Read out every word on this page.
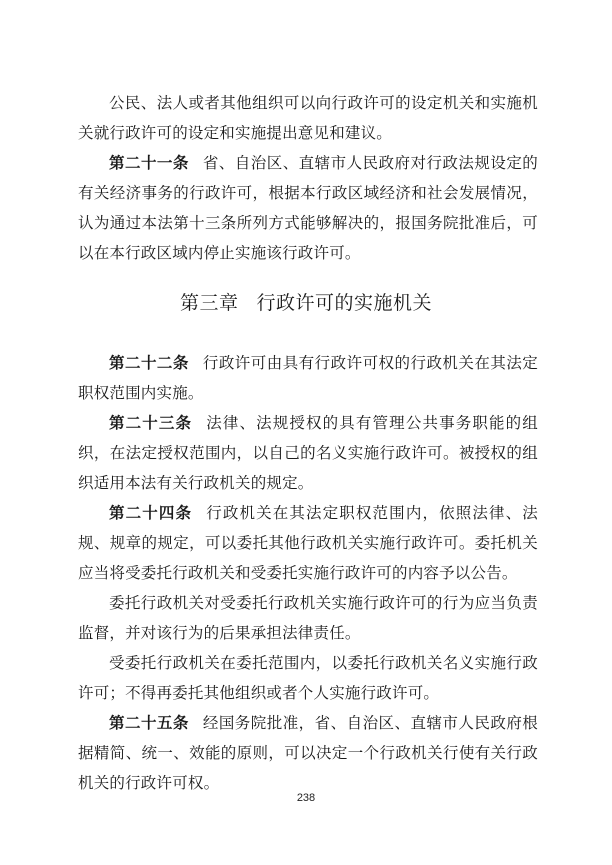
公民、法人或者其他组织可以向行政许可的设定机关和实施机关就行政许可的设定和实施提出意见和建议。

第二十一条 省、自治区、直辖市人民政府对行政法规设定的有关经济事务的行政许可，根据本行政区域经济和社会发展情况，认为通过本法第十三条所列方式能够解决的，报国务院批准后，可以在本行政区域内停止实施该行政许可。

第三章 行政许可的实施机关

第二十二条 行政许可由具有行政许可权的行政机关在其法定职权范围内实施。

第二十三条 法律、法规授权的具有管理公共事务职能的组织，在法定授权范围内，以自己的名义实施行政许可。被授权的组织适用本法有关行政机关的规定。

第二十四条 行政机关在其法定职权范围内，依照法律、法规、规章的规定，可以委托其他行政机关实施行政许可。委托机关应当将受委托行政机关和受委托实施行政许可的内容予以公告。

委托行政机关对受委托行政机关实施行政许可的行为应当负责监督，并对该行为的后果承担法律责任。

受委托行政机关在委托范围内，以委托行政机关名义实施行政许可；不得再委托其他组织或者个人实施行政许可。

第二十五条 经国务院批准，省、自治区、直辖市人民政府根据精简、统一、效能的原则，可以决定一个行政机关行使有关行政机关的行政许可权。

238
